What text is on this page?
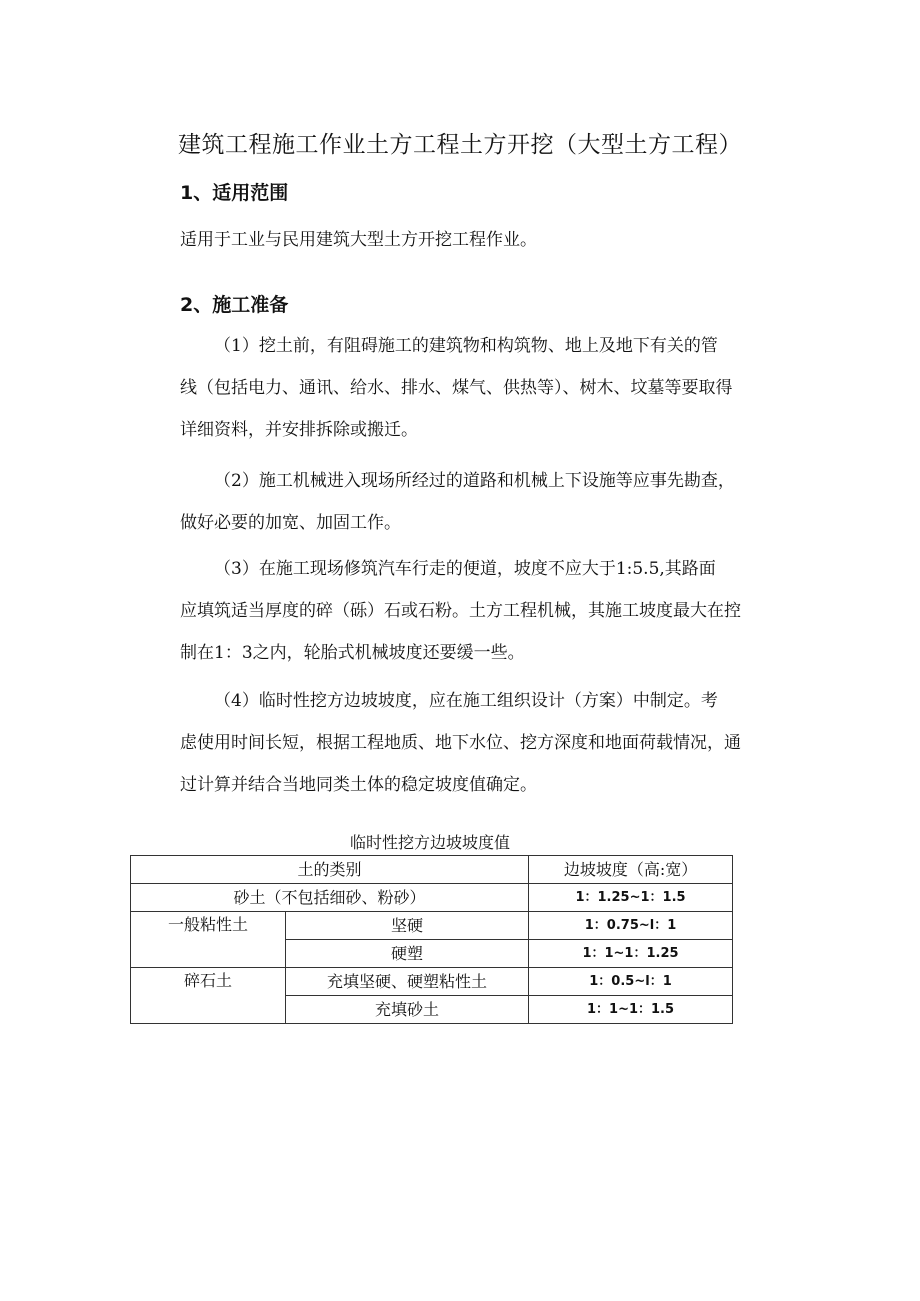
建筑工程施工作业土方工程土方开挖（大型土方工程）
1、适用范围

适用于工业与民用建筑大型土方开挖工程作业。

2、施工准备

（1）挖土前，有阻碍施工的建筑物和构筑物、地上及地下有关的管
线（包括电力、通讯、给水、排水、煤气、供热等）、树木、坟墓等要取得
详细资料，并安排拆除或搬迁。

（2）施工机械进入现场所经过的道路和机械上下设施等应事先勘查，
做好必要的加宽、加固工作。

（3）在施工现场修筑汽车行走的便道，坡度不应大于1:5.5,其路面
应填筑适当厚度的碎（砾）石或石粉。土方工程机械，其施工坡度最大在控
制在1：3之内，轮胎式机械坡度还要缓一些。

（4）临时性挖方边坡坡度，应在施工组织设计（方案）中制定。考
虑使用时间长短，根据工程地质、地下水位、挖方深度和地面荷载情况，通
过计算并结合当地同类土体的稳定坡度值确定。

临时性挖方边坡坡度值
土的类别		边坡坡度（高:宽）
砂土（不包括细砂、粉砂）		1：1.25~1：1.5
一般粘性土	坚硬	1：0.75~l：1
	硬塑	1：1~1：1.25
碎石土	充填坚硬、硬塑粘性土	1：0.5~l：1
	充填砂土	1：1~1：1.5
